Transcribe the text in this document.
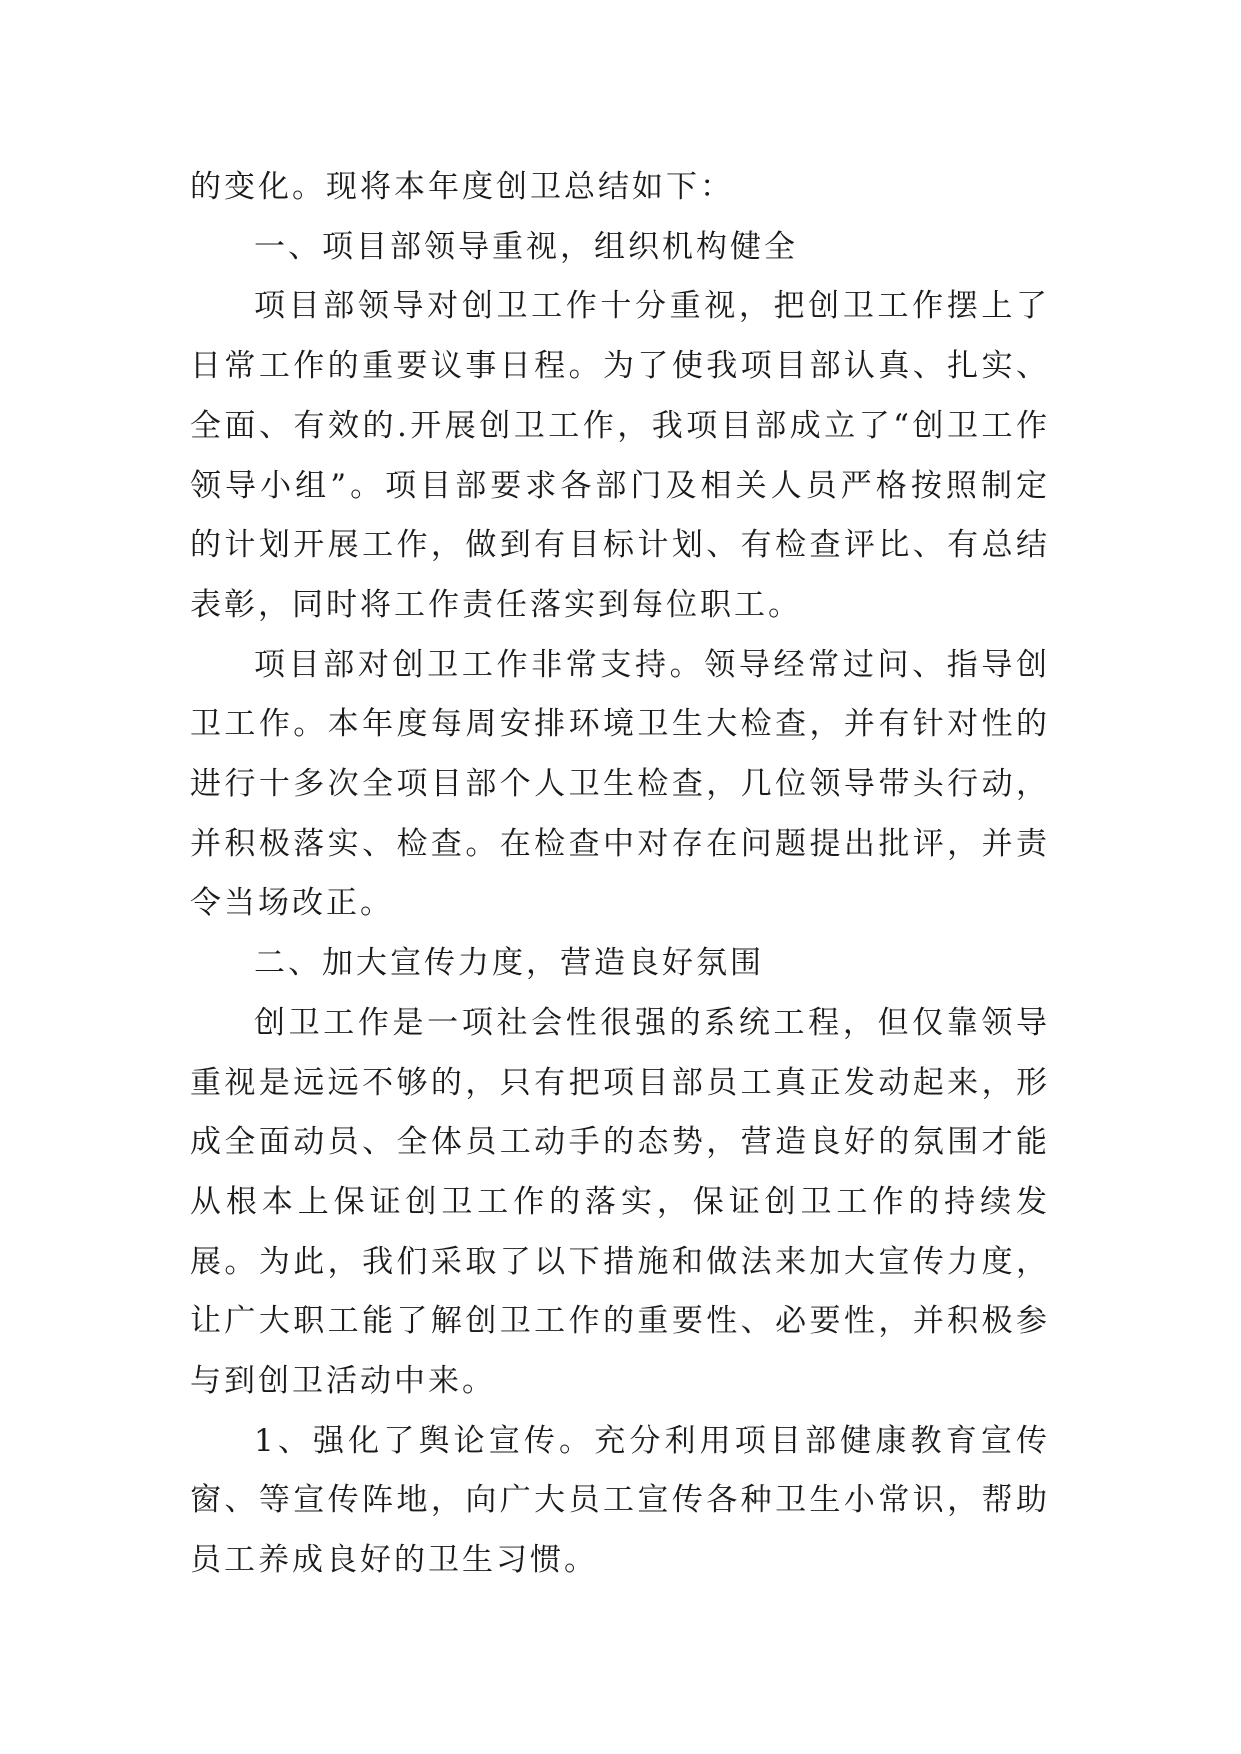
的变化。现将本年度创卫总结如下：

一、项目部领导重视，组织机构健全

项目部领导对创卫工作十分重视，把创卫工作摆上了日常工作的重要议事日程。为了使我项目部认真、扎实、全面、有效的.开展创卫工作，我项目部成立了“创卫工作领导小组”。项目部要求各部门及相关人员严格按照制定的计划开展工作，做到有目标计划、有检查评比、有总结表彰，同时将工作责任落实到每位职工。

项目部对创卫工作非常支持。领导经常过问、指导创卫工作。本年度每周安排环境卫生大检查，并有针对性的进行十多次全项目部个人卫生检查，几位领导带头行动，并积极落实、检查。在检查中对存在问题提出批评，并责令当场改正。

二、加大宣传力度，营造良好氛围

创卫工作是一项社会性很强的系统工程，但仅靠领导重视是远远不够的，只有把项目部员工真正发动起来，形成全面动员、全体员工动手的态势，营造良好的氛围才能从根本上保证创卫工作的落实，保证创卫工作的持续发展。为此，我们采取了以下措施和做法来加大宣传力度，让广大职工能了解创卫工作的重要性、必要性，并积极参与到创卫活动中来。

1、强化了舆论宣传。充分利用项目部健康教育宣传窗、等宣传阵地，向广大员工宣传各种卫生小常识，帮助员工养成良好的卫生习惯。
